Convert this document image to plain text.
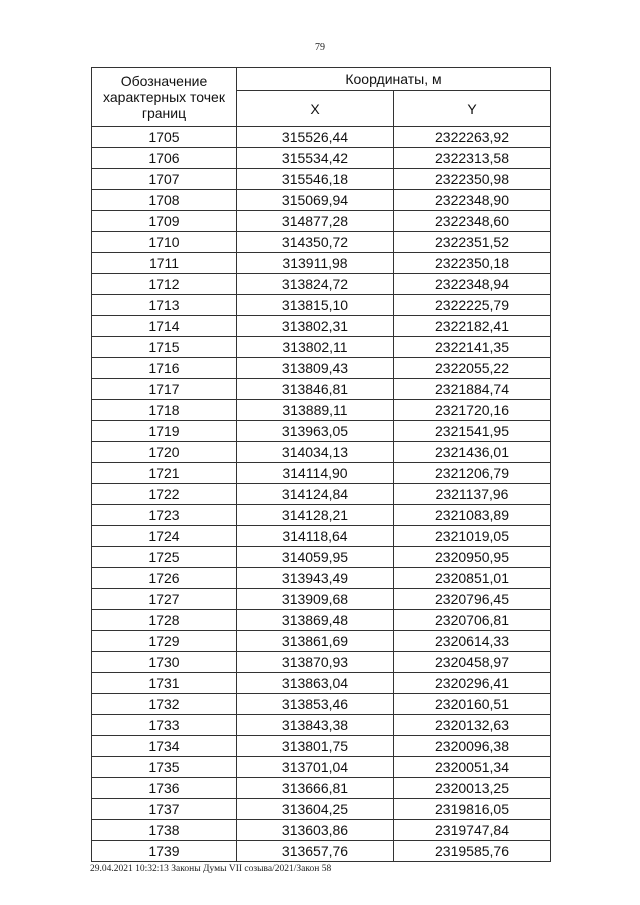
79
Обозначение характерных точек границ	Координаты, м	
	X	Y
1705	315526,44	2322263,92
1706	315534,42	2322313,58
1707	315546,18	2322350,98
1708	315069,94	2322348,90
1709	314877,28	2322348,60
1710	314350,72	2322351,52
1711	313911,98	2322350,18
1712	313824,72	2322348,94
1713	313815,10	2322225,79
1714	313802,31	2322182,41
1715	313802,11	2322141,35
1716	313809,43	2322055,22
1717	313846,81	2321884,74
1718	313889,11	2321720,16
1719	313963,05	2321541,95
1720	314034,13	2321436,01
1721	314114,90	2321206,79
1722	314124,84	2321137,96
1723	314128,21	2321083,89
1724	314118,64	2321019,05
1725	314059,95	2320950,95
1726	313943,49	2320851,01
1727	313909,68	2320796,45
1728	313869,48	2320706,81
1729	313861,69	2320614,33
1730	313870,93	2320458,97
1731	313863,04	2320296,41
1732	313853,46	2320160,51
1733	313843,38	2320132,63
1734	313801,75	2320096,38
1735	313701,04	2320051,34
1736	313666,81	2320013,25
1737	313604,25	2319816,05
1738	313603,86	2319747,84
1739	313657,76	2319585,76
29.04.2021 10:32:13 Законы Думы VII созыва/2021/Закон 58
